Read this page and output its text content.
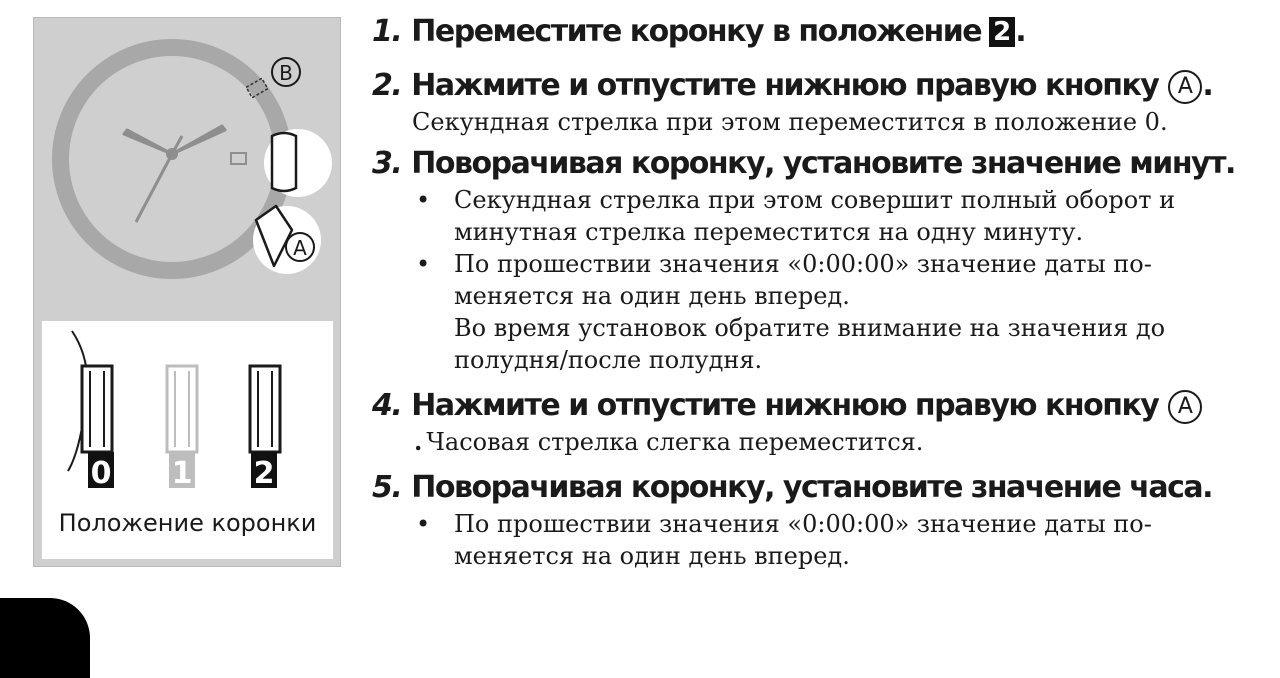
B
A
0 1 2
Положение коронки

1. Переместите коронку в положение 2 .

2. Нажмите и отпустите нижнюю правую кнопку A .

Секундная стрелка при этом переместится в положение 0.

3. Поворачивая коронку, установите значение минут.

• Секундная стрелка при этом совершит полный оборот и
минутная стрелка переместится на одну минуту.
• По прошествии значения «0:00:00» значение даты по-
меняется на один день вперед.
Во время установок обратите внимание на значения до
полудня/после полудня.

4. Нажмите и отпустите нижнюю правую кнопку A

. Часовая стрелка слегка переместится.

5. Поворачивая коронку, установите значение часа.

• По прошествии значения «0:00:00» значение даты по-
меняется на один день вперед.
